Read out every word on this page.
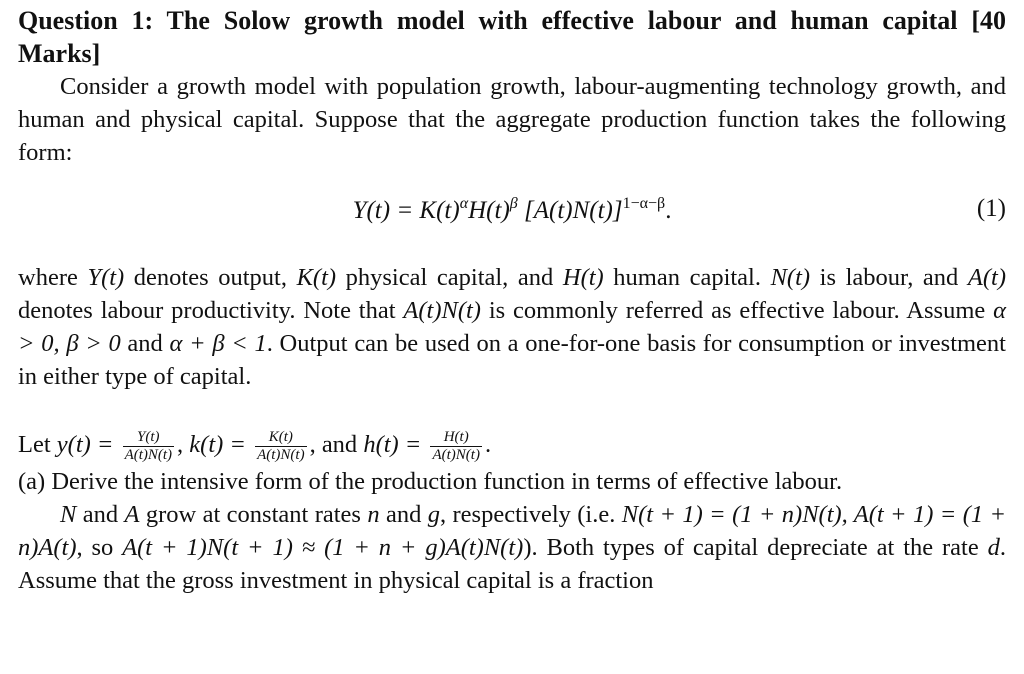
Question 1: The Solow growth model with effective labour and human capital [40 Marks]

Consider a growth model with population growth, labour-augmenting technology growth, and human and physical capital. Suppose that the aggregate production function takes the following form:

$Y(t) = K(t)^\alpha H(t)^\beta$ $[A(t)N(t)]^{1-\alpha-\beta}$.	(1)

where Y(t) denotes output, K(t) physical capital, and H(t) human capital. N(t) is labour, and A(t) denotes labour productivity. Note that A(t)N(t) is commonly referred as effective labour. Assume α > 0, β > 0 and α + β < 1. Output can be used on a one-for-one basis for consumption or investment in either type of capital.

Let $y(t) = \frac{Y(t)}{A(t)N(t)}$ , $k(t) = \frac{K(t)}{A(t)N(t)}$ , and $h(t) = \frac{H(t)}{A(t)N(t)}$ .

(a) Derive the intensive form of the production function in terms of effective labour.

N and A grow at constant rates n and g, respectively (i.e. N(t + 1) = (1 + n)N(t), A(t + 1) = (1 + n)A(t), so A(t + 1)N(t + 1) ≈ (1 + n + g)A(t)N(t)). Both types of capital depreciate at the rate d. Assume that the gross investment in physical capital is a fraction
